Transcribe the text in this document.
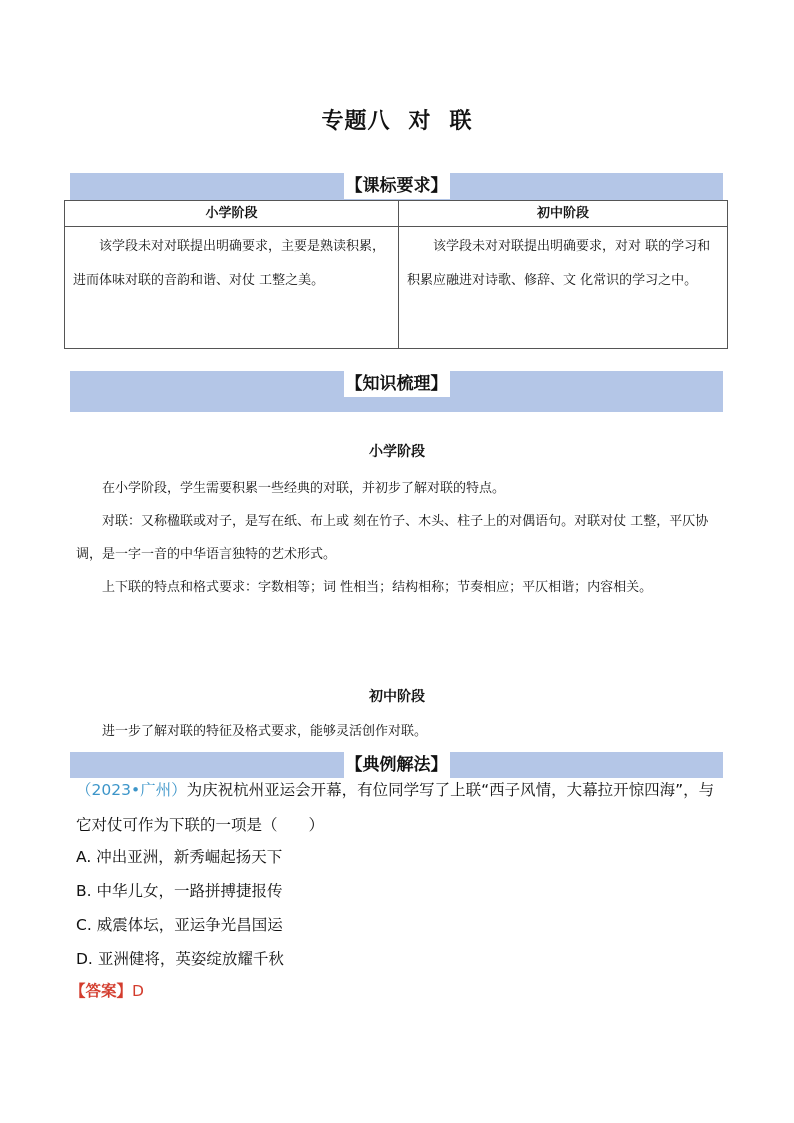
专题八 对 联
【课标要求】
小学阶段	初中阶段
该学段未对对联提出明确要求，主要是熟读积累，进而体味对联的音韵和谐、对仗 工整之美。	该学段未对对联提出明确要求，对对 联的学习和积累应融进对诗歌、修辞、文 化常识的学习之中。
【知识梳理】
小学阶段
在小学阶段，学生需要积累一些经典的对联，并初步了解对联的特点。
对联：又称楹联或对子，是写在纸、布上或 刻在竹子、木头、柱子上的对偶语句。对联对仗 工整，平仄协调，是一字一音的中华语言独特的艺术形式。
上下联的特点和格式要求：字数相等；词 性相当；结构相称；节奏相应；平仄相谐；内容相关。
初中阶段
进一步了解对联的特征及格式要求，能够灵活创作对联。
【典例解法】
（2023•广州）为庆祝杭州亚运会开幕，有位同学写了上联“西子风情，大幕拉开惊四海”，与它对仗可作为下联的一项是（　　）
A. 冲出亚洲，新秀崛起扬天下
B. 中华儿女，一路拼搏捷报传
C. 威震体坛，亚运争光昌国运
D. 亚洲健将，英姿绽放耀千秋
【答案】D
